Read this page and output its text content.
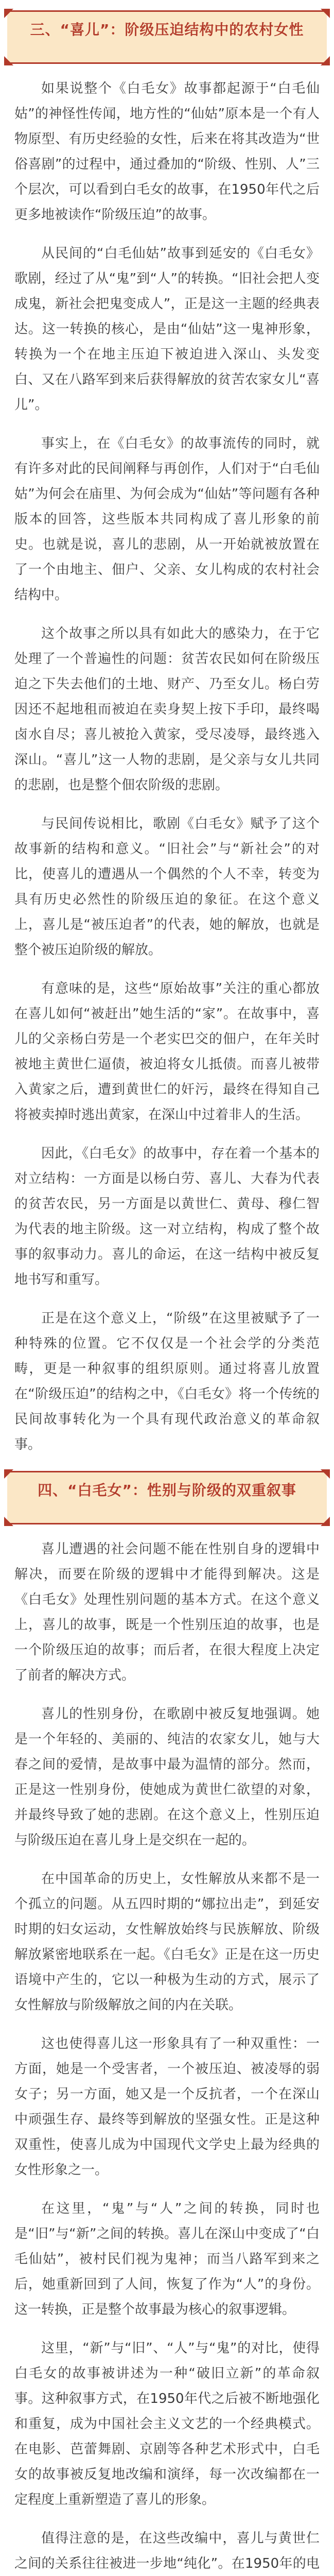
三、“喜儿”：阶级压迫结构中的农村女性

如果说整个《白毛女》故事都起源于“白毛仙姑”的神怪性传闻，地方性的“仙姑”原本是一个有人物原型、有历史经验的女性，后来在将其改造为“世俗喜剧”的过程中，通过叠加的“阶级、性别、人”三个层次，可以看到白毛女的故事，在1950年代之后更多地被读作“阶级压迫”的故事。

从民间的“白毛仙姑”故事到延安的《白毛女》歌剧，经过了从“鬼”到“人”的转换。“旧社会把人变成鬼，新社会把鬼变成人”，正是这一主题的经典表达。这一转换的核心，是由“仙姑”这一鬼神形象，转换为一个在地主压迫下被迫进入深山、头发变白、又在八路军到来后获得解放的贫苦农家女儿“喜儿”。

事实上，在《白毛女》的故事流传的同时，就有许多对此的民间阐释与再创作，人们对于“白毛仙姑”为何会在庙里、为何会成为“仙姑”等问题有各种版本的回答，这些版本共同构成了喜儿形象的前史。也就是说，喜儿的悲剧，从一开始就被放置在了一个由地主、佃户、父亲、女儿构成的农村社会结构中。

这个故事之所以具有如此大的感染力，在于它处理了一个普遍性的问题：贫苦农民如何在阶级压迫之下失去他们的土地、财产、乃至女儿。杨白劳因还不起地租而被迫在卖身契上按下手印，最终喝卤水自尽；喜儿被抢入黄家，受尽凌辱，最终逃入深山。“喜儿”这一人物的悲剧，是父亲与女儿共同的悲剧，也是整个佃农阶级的悲剧。

与民间传说相比，歌剧《白毛女》赋予了这个故事新的结构和意义。“旧社会”与“新社会”的对比，使喜儿的遭遇从一个偶然的个人不幸，转变为具有历史必然性的阶级压迫的象征。在这个意义上，喜儿是“被压迫者”的代表，她的解放，也就是整个被压迫阶级的解放。

有意味的是，这些“原始故事”关注的重心都放在喜儿如何“被赶出”她生活的“家”。在故事中，喜儿的父亲杨白劳是一个老实巴交的佃户，在年关时被地主黄世仁逼债，被迫将女儿抵债。而喜儿被带入黄家之后，遭到黄世仁的奸污，最终在得知自己将被卖掉时逃出黄家，在深山中过着非人的生活。

因此，《白毛女》的故事中，存在着一个基本的对立结构：一方面是以杨白劳、喜儿、大春为代表的贫苦农民，另一方面是以黄世仁、黄母、穆仁智为代表的地主阶级。这一对立结构，构成了整个故事的叙事动力。喜儿的命运，在这一结构中被反复地书写和重写。

正是在这个意义上，“阶级”在这里被赋予了一种特殊的位置。它不仅仅是一个社会学的分类范畴，更是一种叙事的组织原则。通过将喜儿放置在“阶级压迫”的结构之中，《白毛女》将一个传统的民间故事转化为一个具有现代政治意义的革命叙事。

四、“白毛女”：性别与阶级的双重叙事

喜儿遭遇的社会问题不能在性别自身的逻辑中解决，而要在阶级的逻辑中才能得到解决。这是《白毛女》处理性别问题的基本方式。在这个意义上，喜儿的故事，既是一个性别压迫的故事，也是一个阶级压迫的故事；而后者，在很大程度上决定了前者的解决方式。

喜儿的性别身份，在歌剧中被反复地强调。她是一个年轻的、美丽的、纯洁的农家女儿，她与大春之间的爱情，是故事中最为温情的部分。然而，正是这一性别身份，使她成为黄世仁欲望的对象，并最终导致了她的悲剧。在这个意义上，性别压迫与阶级压迫在喜儿身上是交织在一起的。

在中国革命的历史上，女性解放从来都不是一个孤立的问题。从五四时期的“娜拉出走”，到延安时期的妇女运动，女性解放始终与民族解放、阶级解放紧密地联系在一起。《白毛女》正是在这一历史语境中产生的，它以一种极为生动的方式，展示了女性解放与阶级解放之间的内在关联。

这也使得喜儿这一形象具有了一种双重性：一方面，她是一个受害者，一个被压迫、被凌辱的弱女子；另一方面，她又是一个反抗者，一个在深山中顽强生存、最终等到解放的坚强女性。正是这种双重性，使喜儿成为中国现代文学史上最为经典的女性形象之一。

在这里，“鬼”与“人”之间的转换，同时也是“旧”与“新”之间的转换。喜儿在深山中变成了“白毛仙姑”，被村民们视为鬼神；而当八路军到来之后，她重新回到了人间，恢复了作为“人”的身份。这一转换，正是整个故事最为核心的叙事逻辑。

这里，“新”与“旧”、“人”与“鬼”的对比，使得白毛女的故事被讲述为一种“破旧立新”的革命叙事。这种叙事方式，在1950年代之后被不断地强化和重复，成为中国社会主义文艺的一个经典模式。在电影、芭蕾舞剧、京剧等各种艺术形式中，白毛女的故事被反复地改编和演绎，每一次改编都在一定程度上重新塑造了喜儿的形象。

值得注意的是，在这些改编中，喜儿与黄世仁之间的关系往往被进一步地“纯化”。在1950年的电
